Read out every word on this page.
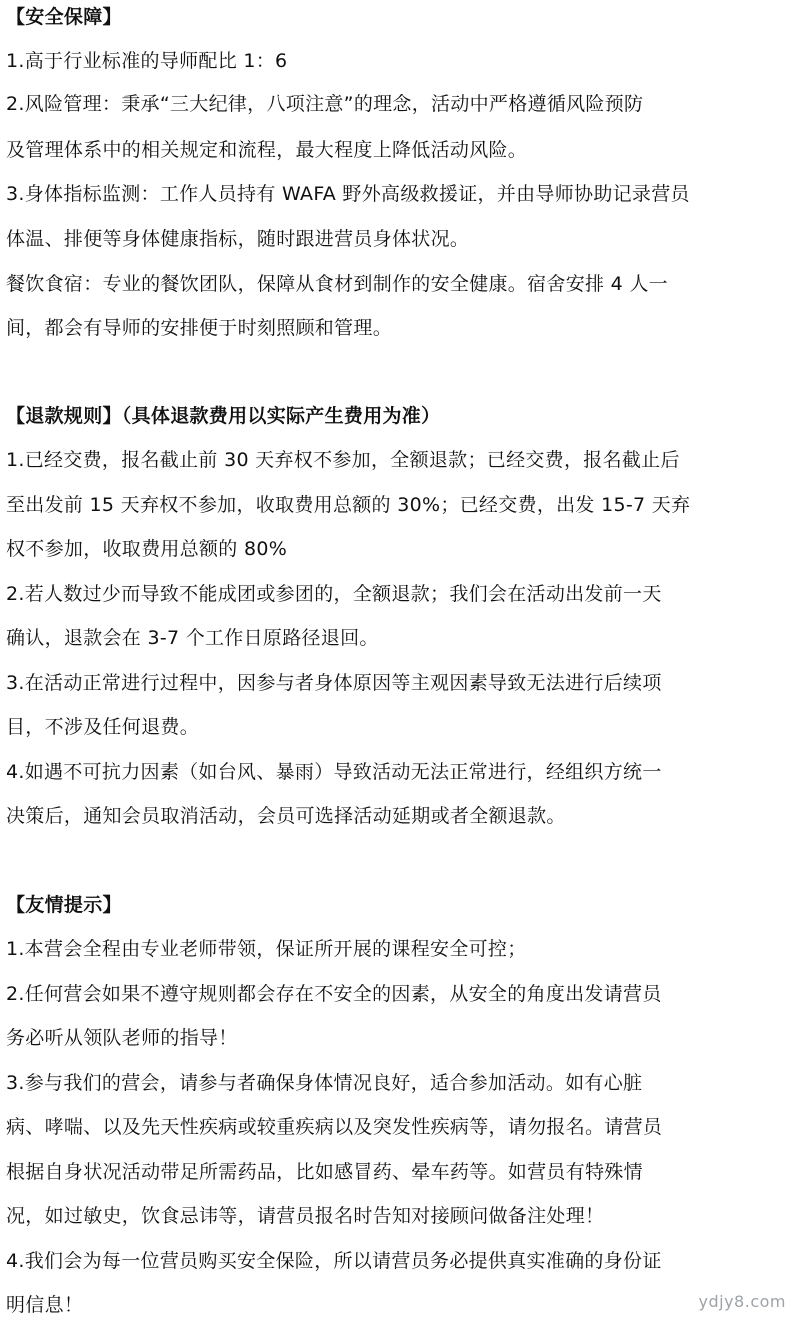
【安全保障】
1.高于行业标准的导师配比 1：6
2.风险管理：秉承“三大纪律，八项注意”的理念，活动中严格遵循风险预防
及管理体系中的相关规定和流程，最大程度上降低活动风险。
3.身体指标监测：工作人员持有 WAFA 野外高级救援证，并由导师协助记录营员
体温、排便等身体健康指标，随时跟进营员身体状况。
餐饮食宿：专业的餐饮团队，保障从食材到制作的安全健康。宿舍安排 4 人一
间，都会有导师的安排便于时刻照顾和管理。
【退款规则】（具体退款费用以实际产生费用为准）
1.已经交费，报名截止前 30 天弃权不参加，全额退款；已经交费，报名截止后
至出发前 15 天弃权不参加，收取费用总额的 30%；已经交费，出发 15-7 天弃
权不参加，收取费用总额的 80%
2.若人数过少而导致不能成团或参团的，全额退款；我们会在活动出发前一天
确认，退款会在 3-7 个工作日原路径退回。
3.在活动正常进行过程中，因参与者身体原因等主观因素导致无法进行后续项
目，不涉及任何退费。
4.如遇不可抗力因素（如台风、暴雨）导致活动无法正常进行，经组织方统一
决策后，通知会员取消活动，会员可选择活动延期或者全额退款。
【友情提示】
1.本营会全程由专业老师带领，保证所开展的课程安全可控；
2.任何营会如果不遵守规则都会存在不安全的因素，从安全的角度出发请营员
务必听从领队老师的指导！
3.参与我们的营会，请参与者确保身体情况良好，适合参加活动。如有心脏
病、哮喘、以及先天性疾病或较重疾病以及突发性疾病等，请勿报名。请营员
根据自身状况活动带足所需药品，比如感冒药、晕车药等。如营员有特殊情
况，如过敏史，饮食忌讳等，请营员报名时告知对接顾问做备注处理！
4.我们会为每一位营员购买安全保险，所以请营员务必提供真实准确的身份证
明信息！	ydjy8.com
